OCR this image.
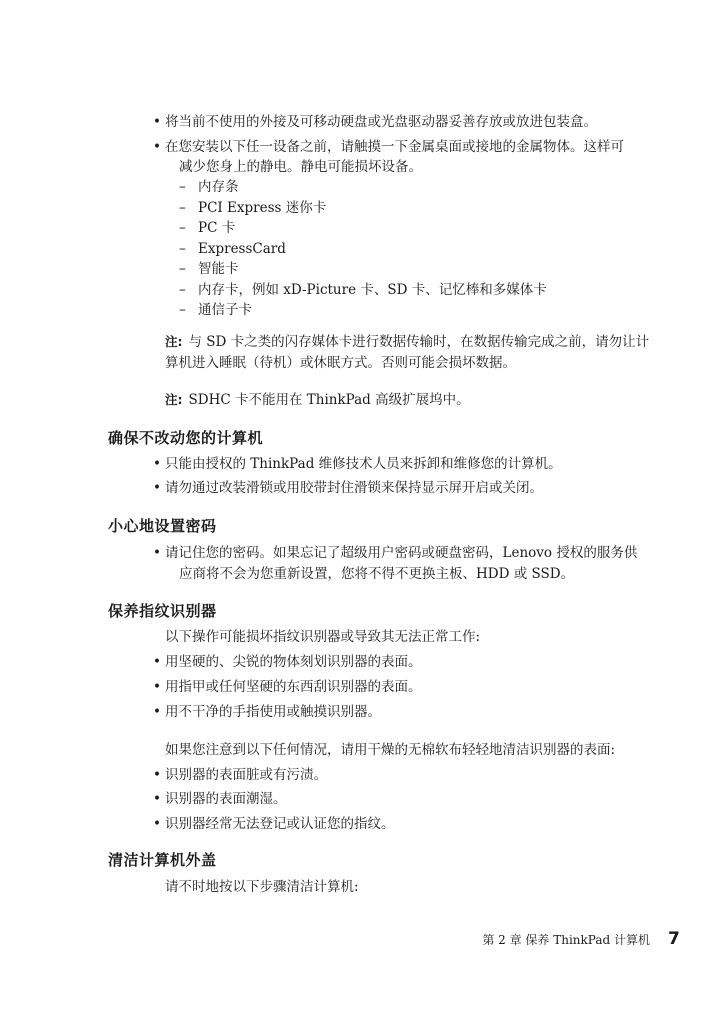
• 将当前不使用的外接及可移动硬盘或光盘驱动器妥善存放或放进包装盒。
• 在您安装以下任一设备之前，请触摸一下金属桌面或接地的金属物体。这样可
减少您身上的静电。静电可能损坏设备。
– 内存条
– PCI Express 迷你卡
– PC 卡
– ExpressCard
– 智能卡
– 内存卡，例如 xD-Picture 卡、SD 卡、记忆棒和多媒体卡
– 通信子卡
注: 与 SD 卡之类的闪存媒体卡进行数据传输时，在数据传输完成之前，请勿让计
算机进入睡眠（待机）或休眠方式。否则可能会损坏数据。
注: SDHC 卡不能用在 ThinkPad 高级扩展坞中。
确保不改动您的计算机
• 只能由授权的 ThinkPad 维修技术人员来拆卸和维修您的计算机。
• 请勿通过改装滑锁或用胶带封住滑锁来保持显示屏开启或关闭。
小心地设置密码
• 请记住您的密码。如果忘记了超级用户密码或硬盘密码，Lenovo 授权的服务供
应商将不会为您重新设置，您将不得不更换主板、HDD 或 SSD。
保养指纹识别器
以下操作可能损坏指纹识别器或导致其无法正常工作:
• 用坚硬的、尖锐的物体刻划识别器的表面。
• 用指甲或任何坚硬的东西刮识别器的表面。
• 用不干净的手指使用或触摸识别器。
如果您注意到以下任何情况，请用干燥的无棉软布轻轻地清洁识别器的表面:
• 识别器的表面脏或有污渍。
• 识别器的表面潮湿。
• 识别器经常无法登记或认证您的指纹。
清洁计算机外盖
请不时地按以下步骤清洁计算机:
第 2 章 保养 ThinkPad 计算机 7
